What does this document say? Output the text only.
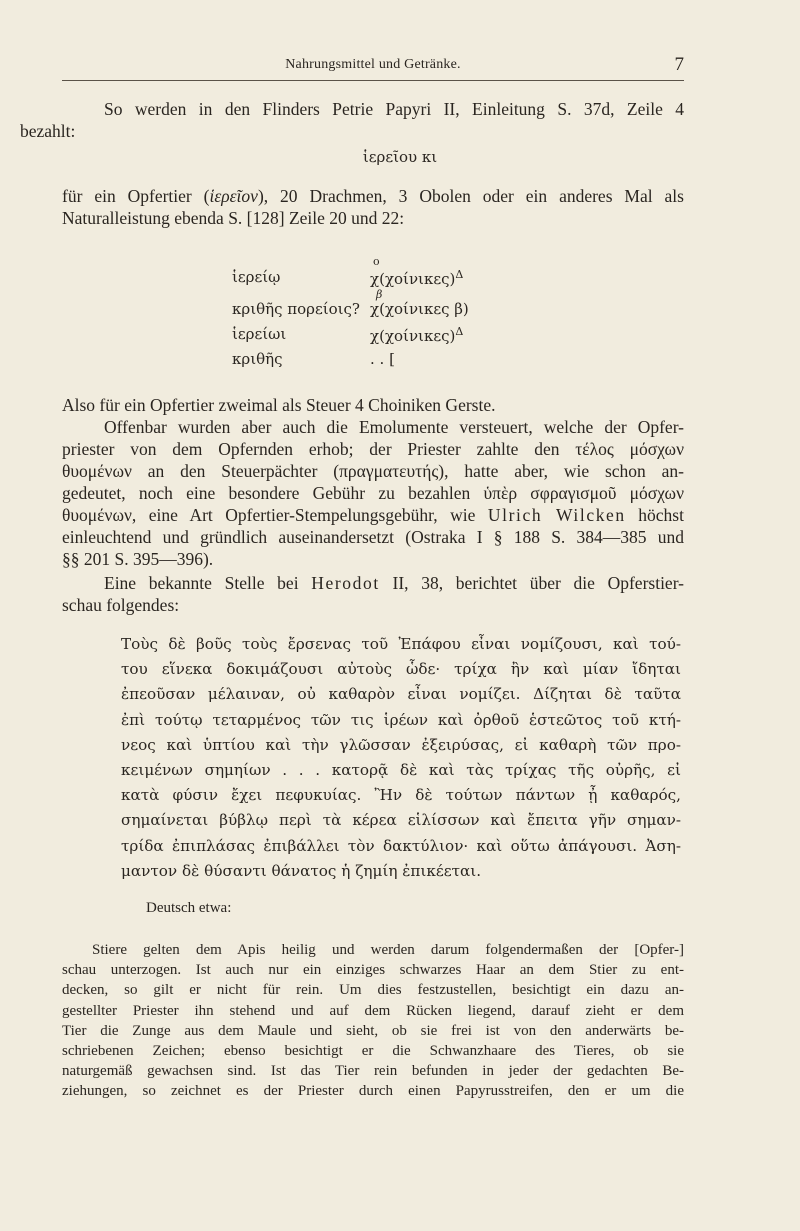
Nahrungsmittel und Getränke.	7
So werden in den Flinders Petrie Papyri II, Einleitung S. 37d, Zeile 4
bezahlt:
ἱερεῖου κι
für ein Opfertier (ἱερεῖον), 20 Drachmen, 3 Obolen oder ein anderes Mal als
Naturalleistung ebenda S. [128] Zeile 20 und 22:
ο
ἱερείῳ	$\chi(\chi oί\nu\iota\kappa\varepsilon\varsigma)^\Delta$
β
κριθῆς πορείοις? χ(χοίνικες β)
ἱερείωι	$\chi(\chi oί\nu\iota\kappa\varepsilon\varsigma)^\Delta$
κριθῆς	. . [
Also für ein Opfertier zweimal als Steuer 4 Choiniken Gerste.
Offenbar wurden aber auch die Emolumente versteuert, welche der Opfer-
priester von dem Opfernden erhob; der Priester zahlte den τέλος μόσχων
θυομένων an den Steuerpächter (πραγματευτής), hatte aber, wie schon an-
gedeutet, noch eine besondere Gebühr zu bezahlen ὑπὲρ σφραγισμοῦ μόσχων
θυομένων, eine Art Opfertier-Stempelungsgebühr, wie Ulrich Wilcken höchst
einleuchtend und gründlich auseinandersetzt (Ostraka I § 188 S. 384—385 und
§§ 201 S. 395—396).
Eine bekannte Stelle bei Herodot II, 38, berichtet über die Opferstier-
schau folgendes:
Τοὺς δὲ βοῦς τοὺς ἔρσενας τοῦ Ἐπάφου εἶναι νομίζουσι, καὶ τού-
του εἵνεκα δοκιμάζουσι αὐτοὺς ὧδε· τρίχα ἢν καὶ μίαν ἴδηται
ἐπεοῦσαν μέλαιναν, οὐ καθαρὸν εἶναι νομίζει. Δίζηται δὲ ταῦτα
ἐπὶ τούτῳ τεταρμένος τῶν τις ἱρέων καὶ ὀρθοῦ ἑστεῶτος τοῦ κτή-
νεος καὶ ὑπτίου καὶ τὴν γλῶσσαν ἐξειρύσας, εἰ καθαρὴ τῶν προ-
κειμένων σημηίων . . . κατορᾷ δὲ καὶ τὰς τρίχας τῆς οὐρῆς, εἰ
κατὰ φύσιν ἔχει πεφυκυίας. Ἢν δὲ τούτων πάντων ᾖ καθαρός,
σημαίνεται βύβλῳ περὶ τὰ κέρεα εἱλίσσων καὶ ἔπειτα γῆν σημαν-
τρίδα ἐπιπλάσας ἐπιβάλλει τὸν δακτύλιον· καὶ οὕτω ἀπάγουσι. Ἀση-
μαντον δὲ θύσαντι θάνατος ἡ ζημίη ἐπικέεται.
Deutsch etwa:
Stiere gelten dem Apis heilig und werden darum folgendermaßen der [Opfer-]
schau unterzogen. Ist auch nur ein einziges schwarzes Haar an dem Stier zu ent-
decken, so gilt er nicht für rein. Um dies festzustellen, besichtigt ein dazu an-
gestellter Priester ihn stehend und auf dem Rücken liegend, darauf zieht er dem
Tier die Zunge aus dem Maule und sieht, ob sie frei ist von den anderwärts be-
schriebenen Zeichen; ebenso besichtigt er die Schwanzhaare des Tieres, ob sie
naturgemäß gewachsen sind. Ist das Tier rein befunden in jeder der gedachten Be-
ziehungen, so zeichnet es der Priester durch einen Papyrusstreifen, den er um die
